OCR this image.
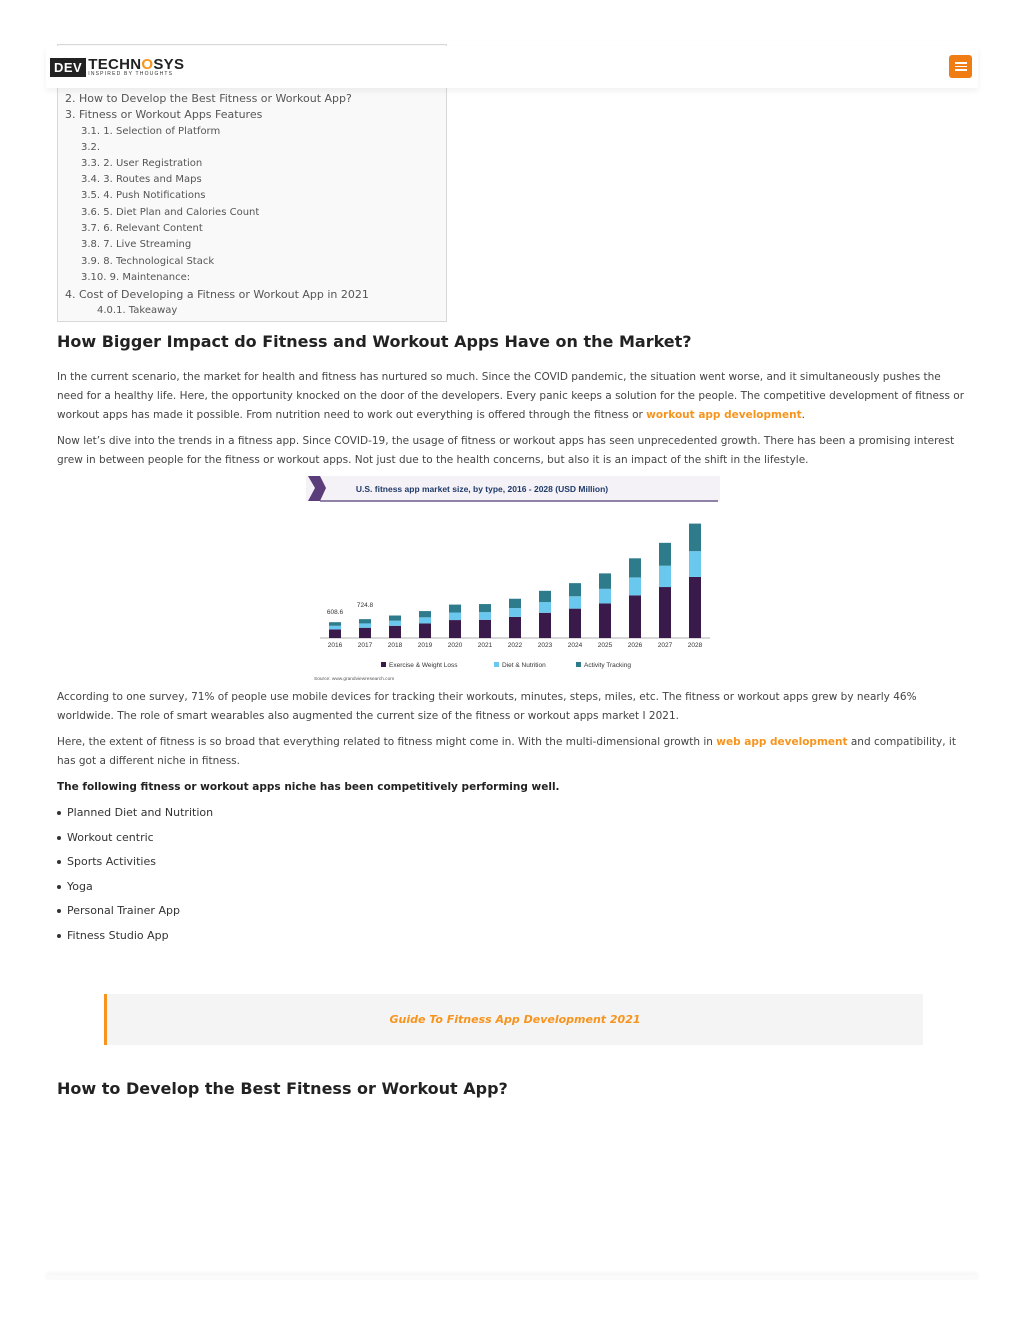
2. How to Develop the Best Fitness or Workout App?
3. Fitness or Workout Apps Features
3.1. 1. Selection of Platform
3.2.
3.3. 2. User Registration
3.4. 3. Routes and Maps
3.5. 4. Push Notifications
3.6. 5. Diet Plan and Calories Count
3.7. 6. Relevant Content
3.8. 7. Live Streaming
3.9. 8. Technological Stack
3.10. 9. Maintenance:
4. Cost of Developing a Fitness or Workout App in 2021
4.0.1. Takeaway
DEV TECHNOSYS
INSPIRED BY THOUGHTS
How Bigger Impact do Fitness and Workout Apps Have on the Market?

In the current scenario, the market for health and fitness has nurtured so much. Since the COVID pandemic, the situation went worse, and it simultaneously pushes the need for a healthy life. Here, the opportunity knocked on the door of the developers. Every panic keeps a solution for the people. The competitive development of fitness or workout apps has made it possible. From nutrition need to work out everything is offered through the fitness or workout app development.

Now let’s dive into the trends in a fitness app. Since COVID-19, the usage of fitness or workout apps has seen unprecedented growth. There has been a promising interest grew in between people for the fitness or workout apps. Not just due to the health concerns, but also it is an impact of the shift in the lifestyle.

U.S. fitness app market size, by type, 2016 - 2028 (USD Million)
2016 2017 2018 2019 2020 2021 2022 2023 2024 2025 2026 2027 2028
608.6
724.8
Exercise & Weight Loss	Diet & Nutrition	Activity Tracking
Source: www.grandviewresearch.com

According to one survey, 71% of people use mobile devices for tracking their workouts, minutes, steps, miles, etc. The fitness or workout apps grew by nearly 46% worldwide. The role of smart wearables also augmented the current size of the fitness or workout apps market I 2021.

Here, the extent of fitness is so broad that everything related to fitness might come in. With the multi-dimensional growth in web app development and compatibility, it has got a different niche in fitness.

The following fitness or workout apps niche has been competitively performing well.
Planned Diet and Nutrition
Workout centric
Sports Activities
Yoga
Personal Trainer App
Fitness Studio App
Guide To Fitness App Development 2021
How to Develop the Best Fitness or Workout App?
